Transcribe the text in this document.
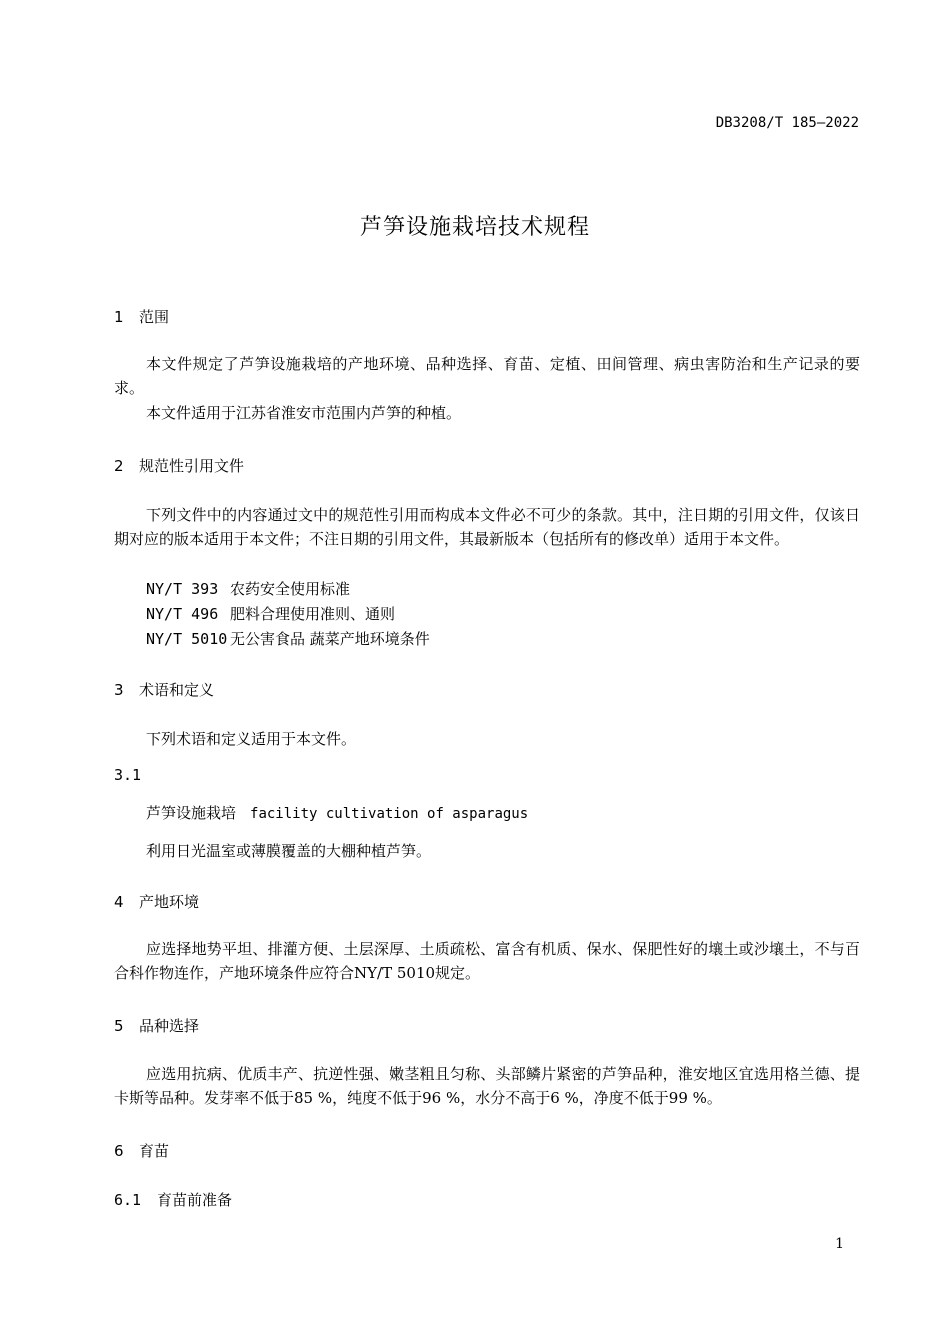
DB3208/T 185—2022
芦笋设施栽培技术规程
1 范围
本文件规定了芦笋设施栽培的产地环境、品种选择、育苗、定植、田间管理、病虫害防治和生产记录的要求。
本文件适用于江苏省淮安市范围内芦笋的种植。
2 规范性引用文件
下列文件中的内容通过文中的规范性引用而构成本文件必不可少的条款。其中，注日期的引用文件，仅该日期对应的版本适用于本文件；不注日期的引用文件，其最新版本（包括所有的修改单）适用于本文件。
NY/T 393 农药安全使用标准
NY/T 496 肥料合理使用准则、通则
NY/T 5010 无公害食品 蔬菜产地环境条件
3 术语和定义
下列术语和定义适用于本文件。
3.1
芦笋设施栽培 facility cultivation of asparagus
利用日光温室或薄膜覆盖的大棚种植芦笋。
4 产地环境
应选择地势平坦、排灌方便、土层深厚、土质疏松、富含有机质、保水、保肥性好的壤土或沙壤土，不与百合科作物连作，产地环境条件应符合NY/T 5010规定。
5 品种选择
应选用抗病、优质丰产、抗逆性强、嫩茎粗且匀称、头部鳞片紧密的芦笋品种，淮安地区宜选用格兰德、提卡斯等品种。发芽率不低于85 %，纯度不低于96 %，水分不高于6 %，净度不低于99 %。
6 育苗
6.1 育苗前准备
1
